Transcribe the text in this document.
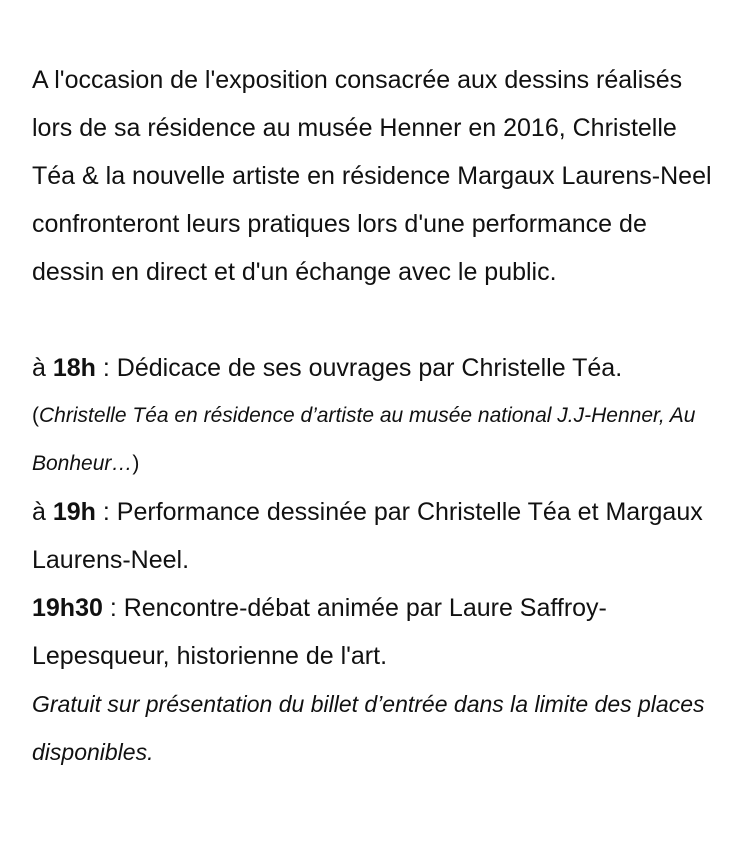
A l'occasion de l'exposition consacrée aux dessins réalisés lors de sa résidence au musée Henner en 2016, Christelle Téa & la nouvelle artiste en résidence Margaux Laurens-Neel confronteront leurs pratiques lors d'une performance de dessin en direct et d'un échange avec le public.

à 18h : Dédicace de ses ouvrages par Christelle Téa.

(Christelle Téa en résidence d’artiste au musée national J.J-Henner, Au Bonheur…)

à 19h : Performance dessinée par Christelle Téa et Margaux Laurens-Neel.

19h30 : Rencontre-débat animée par Laure Saffroy-Lepesqueur, historienne de l'art.

Gratuit sur présentation du billet d’entrée dans la limite des places disponibles.
